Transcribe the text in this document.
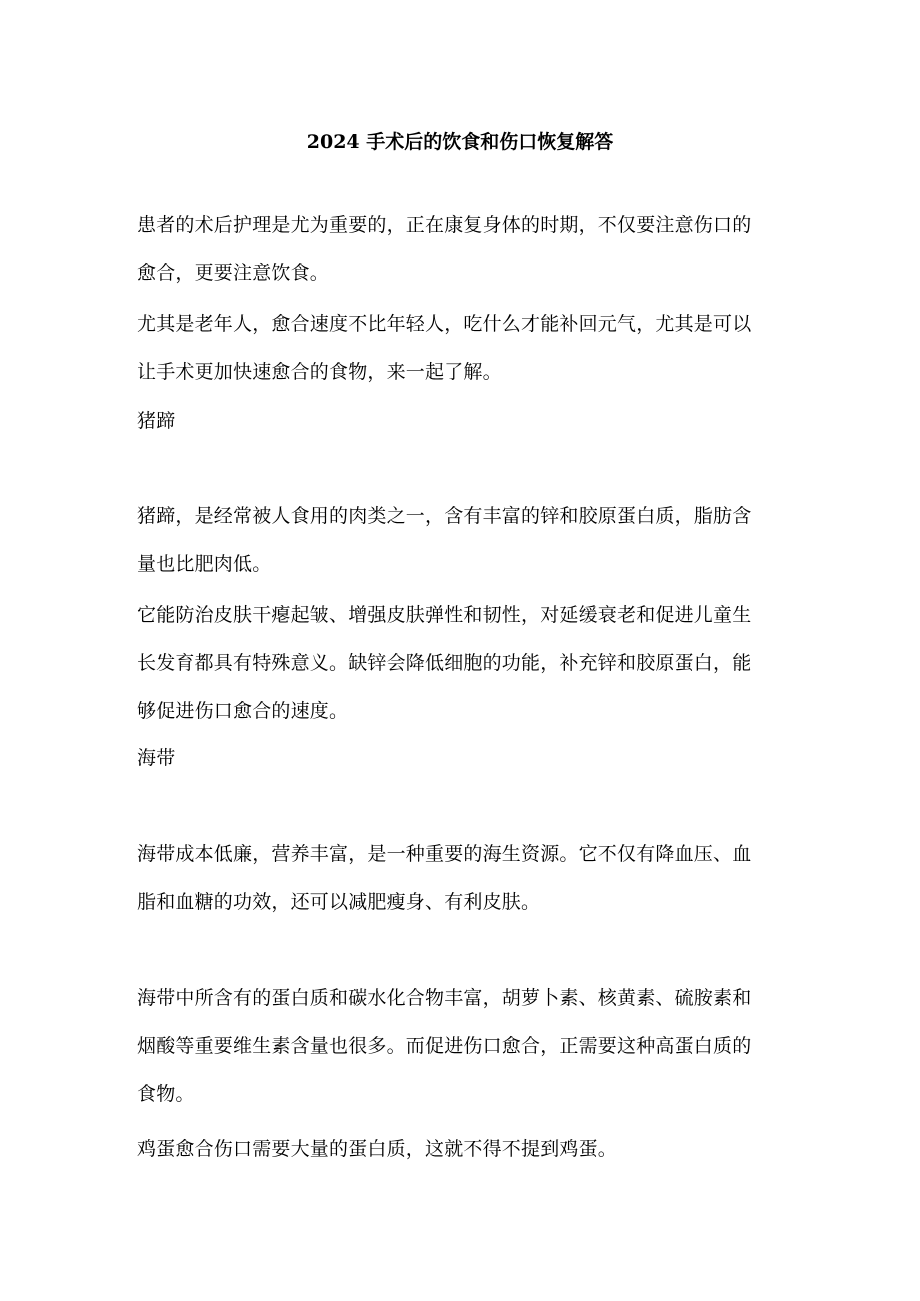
2024 手术后的饮食和伤口恢复解答
患者的术后护理是尤为重要的，正在康复身体的时期，不仅要注意伤口的
愈合，更要注意饮食。
尤其是老年人，愈合速度不比年轻人，吃什么才能补回元气，尤其是可以
让手术更加快速愈合的食物，来一起了解。
猪蹄
猪蹄，是经常被人食用的肉类之一，含有丰富的锌和胶原蛋白质，脂肪含
量也比肥肉低。
它能防治皮肤干瘪起皱、增强皮肤弹性和韧性，对延缓衰老和促进儿童生
长发育都具有特殊意义。缺锌会降低细胞的功能，补充锌和胶原蛋白，能
够促进伤口愈合的速度。
海带
海带成本低廉，营养丰富，是一种重要的海生资源。它不仅有降血压、血
脂和血糖的功效，还可以减肥瘦身、有利皮肤。
海带中所含有的蛋白质和碳水化合物丰富，胡萝卜素、核黄素、硫胺素和
烟酸等重要维生素含量也很多。而促进伤口愈合，正需要这种高蛋白质的
食物。
鸡蛋愈合伤口需要大量的蛋白质，这就不得不提到鸡蛋。
